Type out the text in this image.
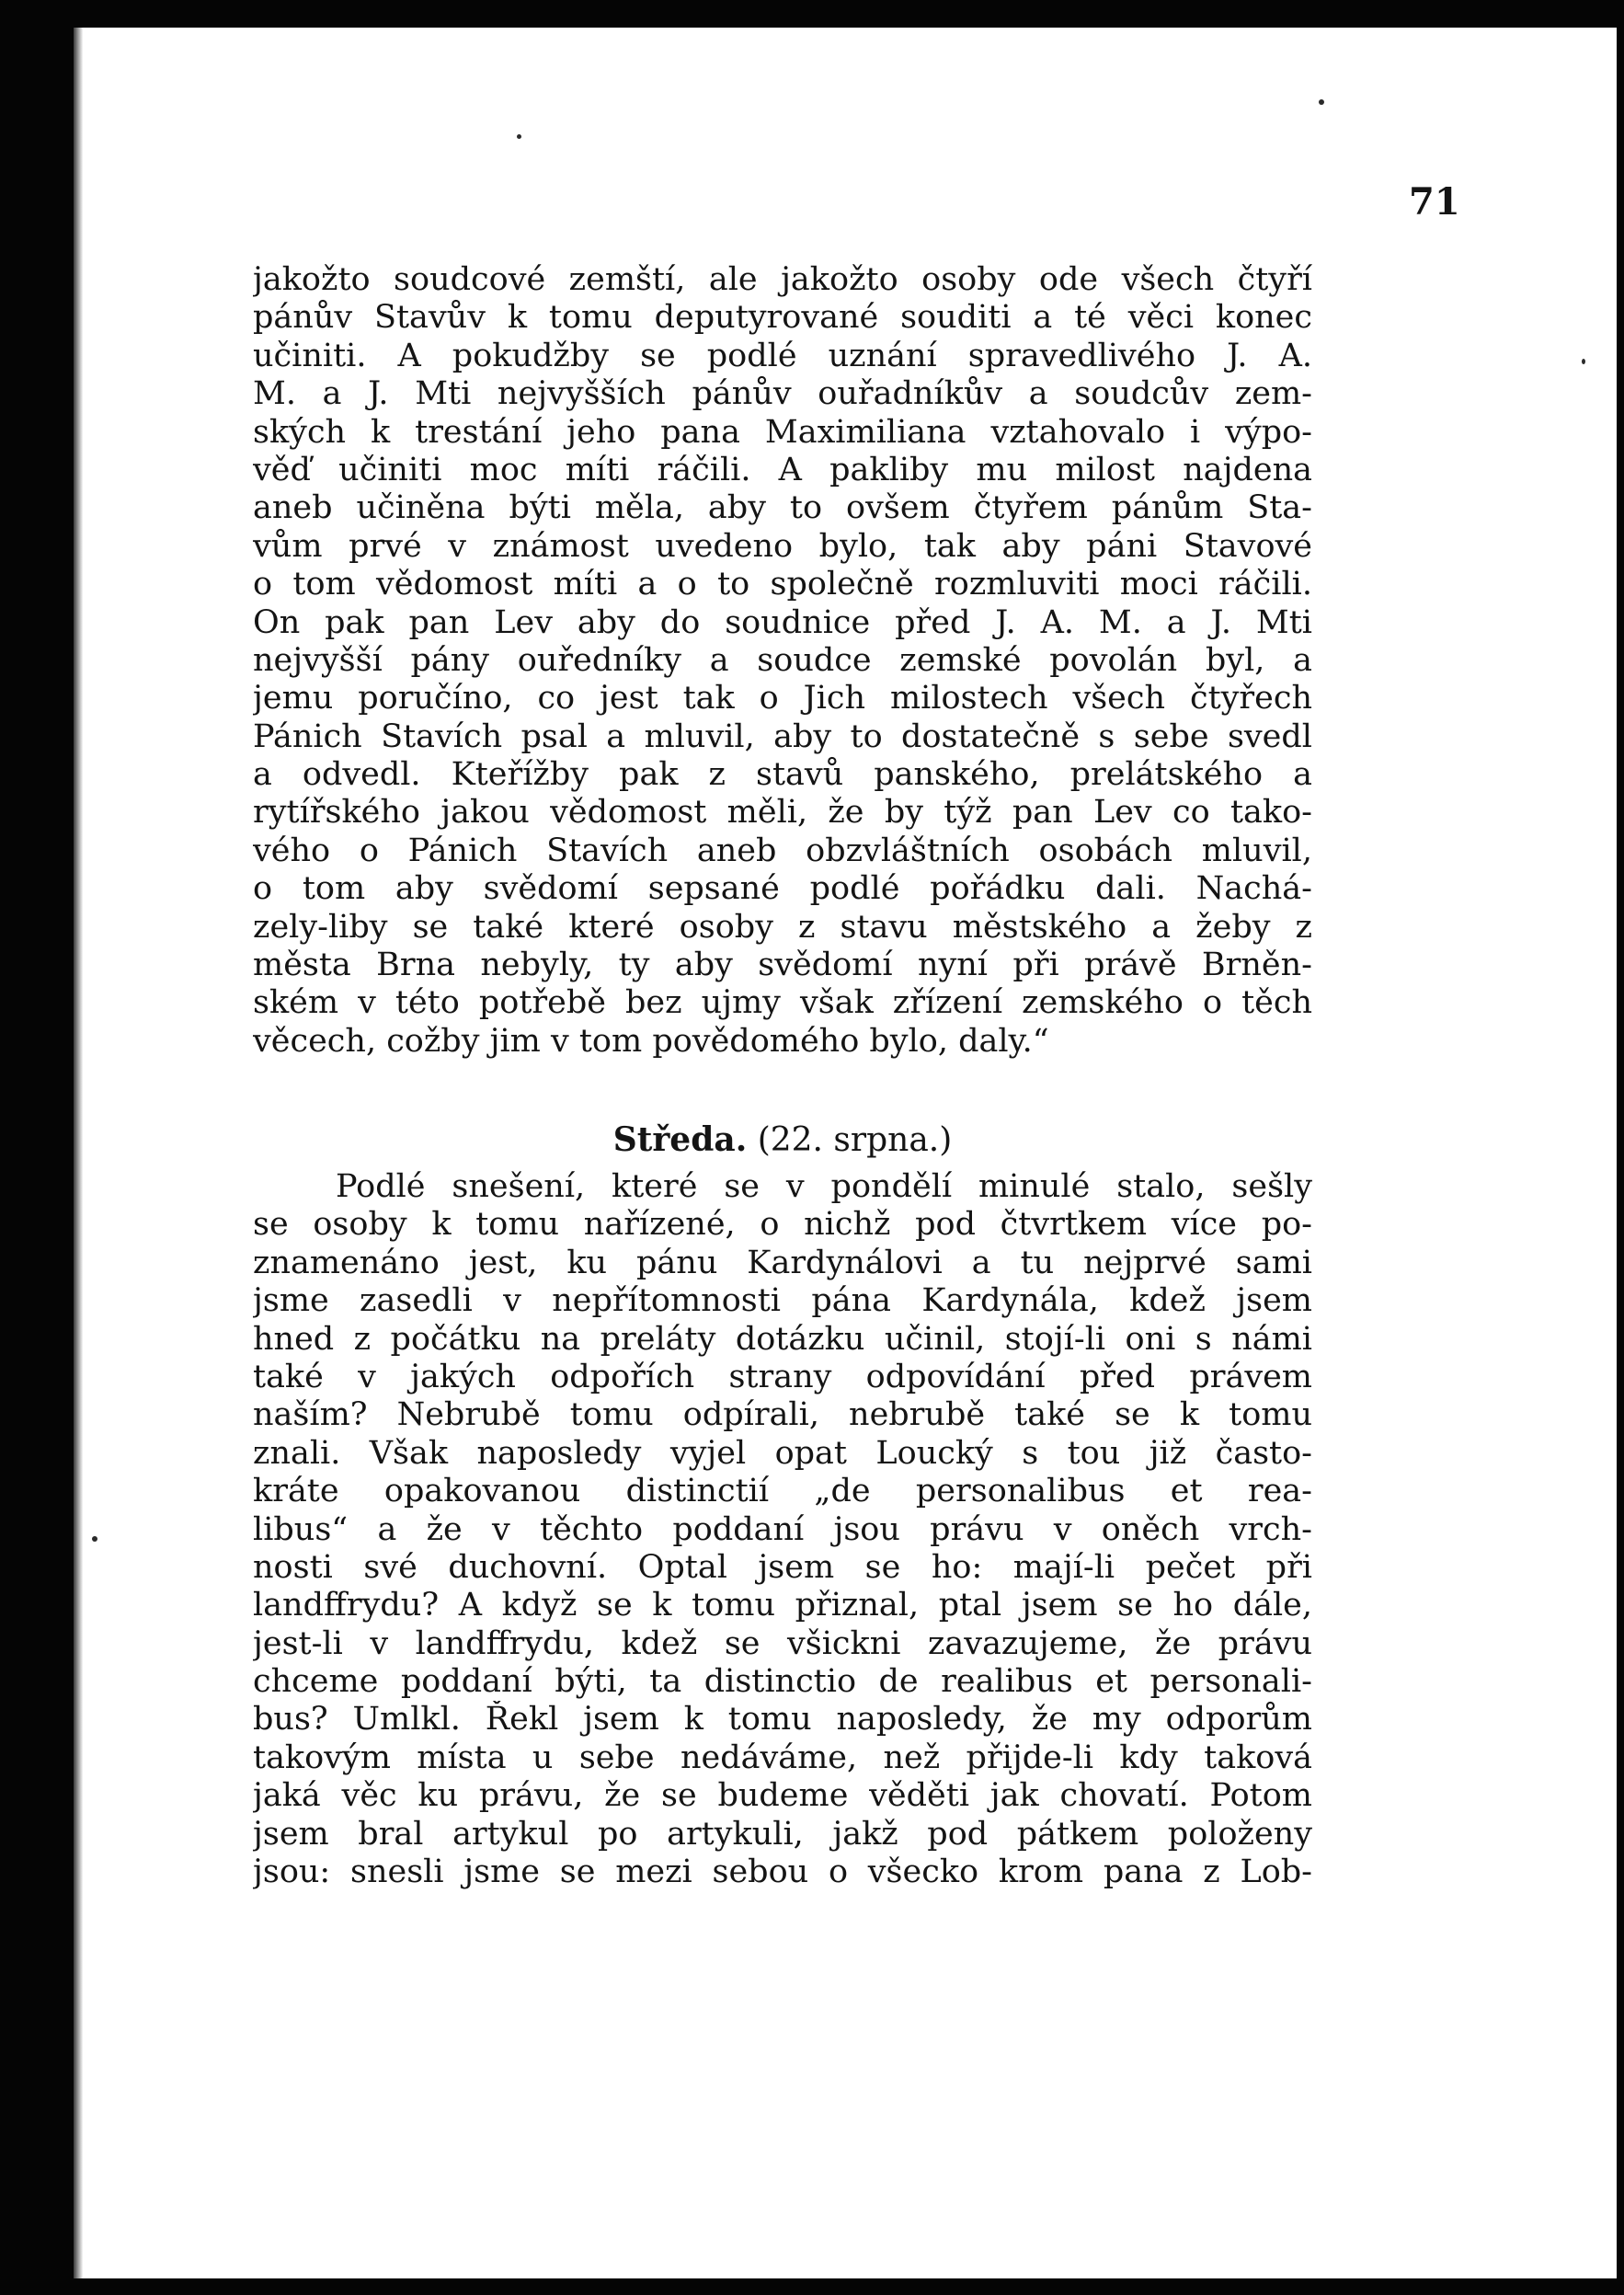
71
jakožto soudcové zemští, ale jakožto osoby ode všech čtyří
pánův Stavův k tomu deputyrované souditi a té věci konec
učiniti. A pokudžby se podlé uznání spravedlivého J. A.
M. a J. Mti nejvyšších pánův ouřadníkův a soudcův zem-
ských k trestání jeho pana Maximiliana vztahovalo i výpo-
věď učiniti moc míti ráčili. A pakliby mu milost najdena
aneb učiněna býti měla, aby to ovšem čtyřem pánům Sta-
vům prvé v známost uvedeno bylo, tak aby páni Stavové
o tom vědomost míti a o to společně rozmluviti moci ráčili.
On pak pan Lev aby do soudnice před J. A. M. a J. Mti
nejvyšší pány ouředníky a soudce zemské povolán byl, a
jemu poručíno, co jest tak o Jich milostech všech čtyřech
Pánich Stavích psal a mluvil, aby to dostatečně s sebe svedl
a odvedl. Kteřížby pak z stavů panského, prelátského a
rytířského jakou vědomost měli, že by týž pan Lev co tako-
vého o Pánich Stavích aneb obzvláštních osobách mluvil,
o tom aby svědomí sepsané podlé pořádku dali. Nachá-
zely-liby se také které osoby z stavu městského a žeby z
města Brna nebyly, ty aby svědomí nyní při právě Brněn-
ském v této potřebě bez ujmy však zřízení zemského o těch
věcech, cožby jim v tom povědomého bylo, daly.“
Středa. (22. srpna.)
Podlé snešení, které se v pondělí minulé stalo, sešly
se osoby k tomu nařízené, o nichž pod čtvrtkem více po-
znamenáno jest, ku pánu Kardynálovi a tu nejprvé sami
jsme zasedli v nepřítomnosti pána Kardynála, kdež jsem
hned z počátku na preláty dotázku učinil, stojí-li oni s námi
také v jakých odpořích strany odpovídání před právem
naším? Nebrubě tomu odpírali, nebrubě také se k tomu
znali. Však naposledy vyjel opat Loucký s tou již často-
kráte opakovanou distinctií „de personalibus et rea-
libus“ a že v těchto poddaní jsou právu v oněch vrch-
nosti své duchovní. Optal jsem se ho: mají-li pečet při
landffrydu? A když se k tomu přiznal, ptal jsem se ho dále,
jest-li v landffrydu, kdež se všickni zavazujeme, že právu
chceme poddaní býti, ta distinctio de realibus et personali-
bus? Umlkl. Řekl jsem k tomu naposledy, že my odporům
takovým místa u sebe nedáváme, než přijde-li kdy taková
jaká věc ku právu, že se budeme věděti jak chovatí. Potom
jsem bral artykul po artykuli, jakž pod pátkem položeny
jsou: snesli jsme se mezi sebou o všecko krom pana z Lob-
